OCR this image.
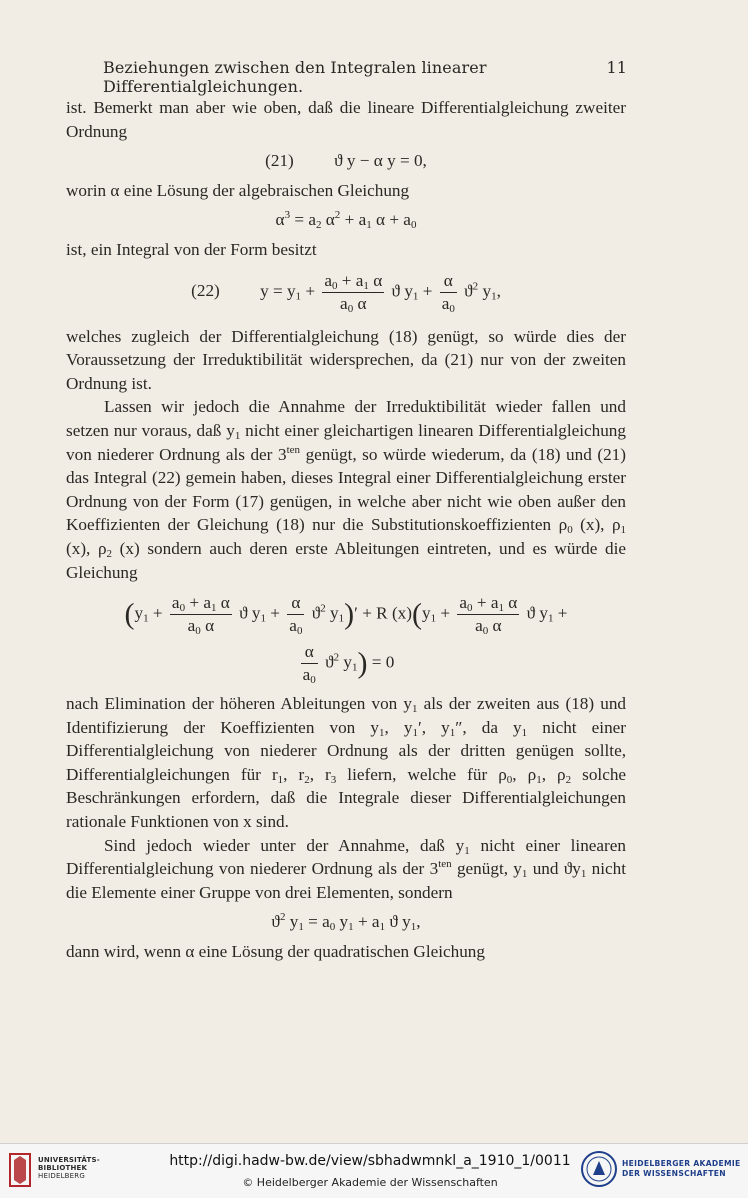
Beziehungen zwischen den Integralen linearer Differentialgleichungen.
11

ist. Bemerkt man aber wie oben, daß die lineare Differentialgleichung zweiter Ordnung

(21) ϑ y − α y = 0,

worin α eine Lösung der algebraischen Gleichung

$\alpha^3 = a_2$ $\alpha^2 + a_1$ $\alpha + a_0$

ist, ein Integral von der Form besitzt

(22) $y = y_1 + \frac{a_0 + a_1 \alpha}{a_0 \alpha}$ ϑ $y_1 + \frac{\alpha}{a_0} ϑ^2$ $y_1$,

welches zugleich der Differentialgleichung (18) genügt, so würde dies der Voraussetzung der Irreduktibilität widersprechen, da (21) nur von der zweiten Ordnung ist.

Lassen wir jedoch die Annahme der Irreduktibilität wieder fallen und setzen nur voraus, daß $y_1$ nicht einer gleichartigen linearen Differentialgleichung von niederer Ordnung als der $3^{ten}$ genügt, so würde wiederum, da (18) und (21) das Integral (22) gemein haben, dieses Integral einer Differentialgleichung erster Ordnung von der Form (17) genügen, in welche aber nicht wie oben außer den Koeffizienten der Gleichung (18) nur die Substitutionskoeffizienten $\rho_0$ (x), $\rho_1$ (x), $\rho_2$ (x) sondern auch deren erste Ableitungen eintreten, und es würde die Gleichung

($y_1 + \frac{a_0 + a_1 \alpha}{a_0 \alpha}$ ϑ $y_1 + \frac{\alpha}{a_0} ϑ^2$ $y_1)' + R$ $(x)(y_1 + \frac{a_0 + a_1 \alpha}{a_0 \alpha}$ ϑ $y_1$ +
$\frac{\alpha}{a_0} ϑ^2$ $y_1) = 0$

nach Elimination der höheren Ableitungen von $y_1$ als der zweiten aus (18) und Identifizierung der Koeffizienten von $y_1$, $y_1'$, $y_1''$, da $y_1$ nicht einer Differentialgleichung von niederer Ordnung als der dritten genügen sollte, Differentialgleichungen für $r_1$, $r_2$, $r_3$ liefern, welche für $\rho_0$, $\rho_1$, $\rho_2$ solche Beschränkungen erfordern, daß die Integrale dieser Differentialgleichungen rationale Funktionen von x sind.

Sind jedoch wieder unter der Annahme, daß $y_1$ nicht einer linearen Differentialgleichung von niederer Ordnung als der $3^{ten}$ genügt, $y_1$ und $ϑy_1$ nicht die Elemente einer Gruppe von drei Elementen, sondern

$ϑ^2$ $y_1 = a_0$ $y_1 + a_1$ ϑ $y_1$,

dann wird, wenn α eine Lösung der quadratischen Gleichung

UNIVERSITÄTS-
BIBLIOTHEK
HEIDELBERG
http://digi.hadw-bw.de/view/sbhadwmnkl_a_1910_1/0011
© Heidelberger Akademie der Wissenschaften
HEIDELBERGER AKADEMIE
DER WISSENSCHAFTEN
